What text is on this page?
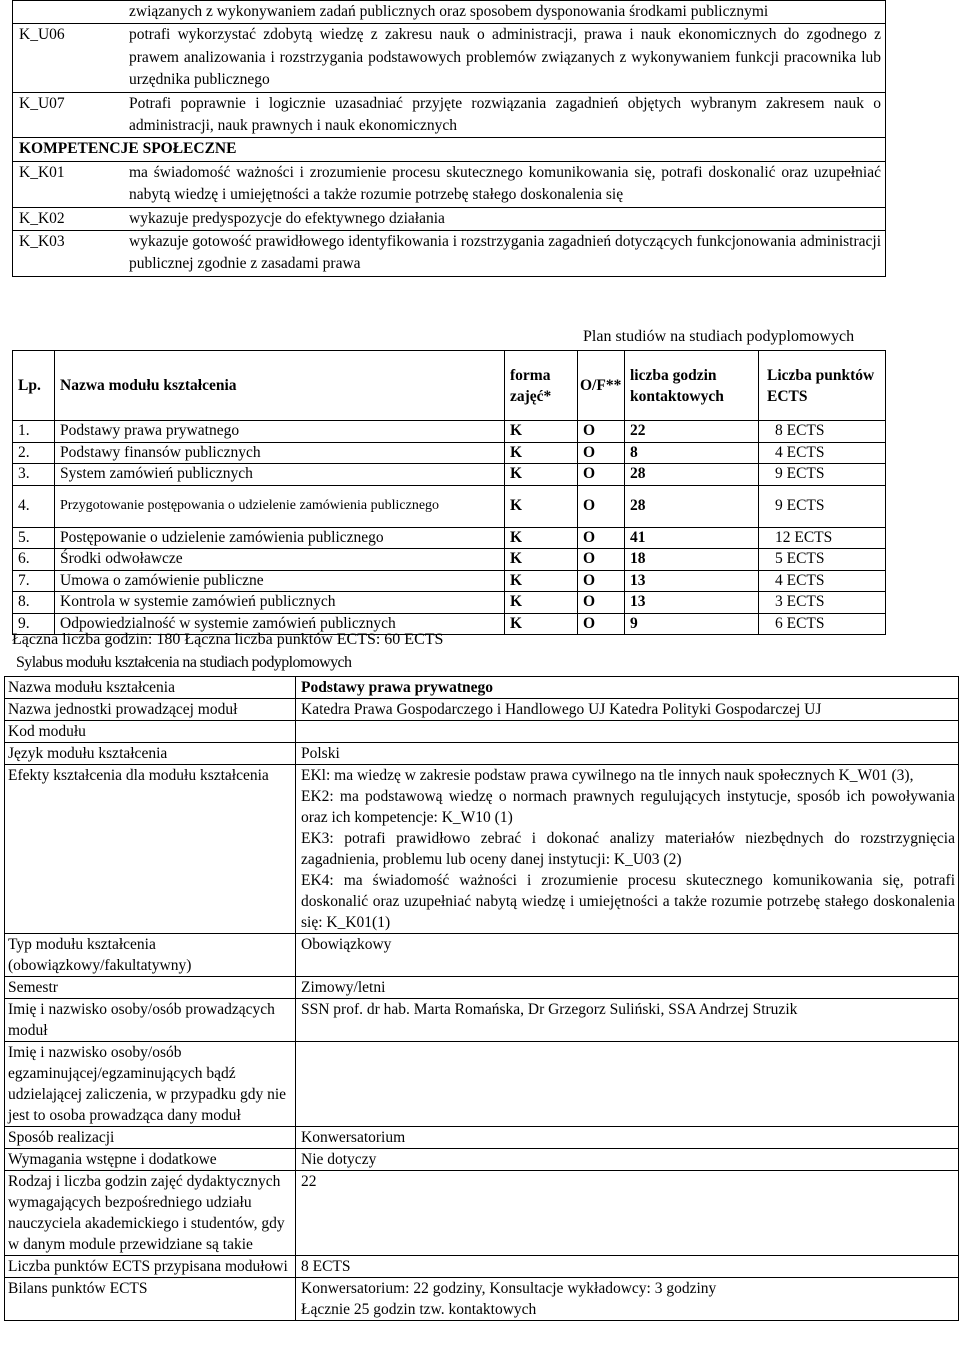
	związanych z wykonywaniem zadań publicznych oraz sposobem dysponowania środkami publicznymi
K_U06	potrafi wykorzystać zdobytą wiedzę z zakresu nauk o administracji, prawa i nauk ekonomicznych do zgodnego z prawem analizowania i rozstrzygania podstawowych problemów związanych z wykonywaniem funkcji pracownika lub urzędnika publicznego
K_U07	Potrafi poprawnie i logicznie uzasadniać przyjęte rozwiązania zagadnień objętych wybranym zakresem nauk o administracji, nauk prawnych i nauk ekonomicznych
KOMPETENCJE SPOŁECZNE	
K_K01	ma świadomość ważności i zrozumienie procesu skutecznego komunikowania się, potrafi doskonalić oraz uzupełniać nabytą wiedzę i umiejętności a także rozumie potrzebę stałego doskonalenia się
K_K02	wykazuje predyspozycje do efektywnego działania
K_K03	wykazuje gotowość prawidłowego identyfikowania i rozstrzygania zagadnień dotyczących funkcjonowania administracji publicznej zgodnie z zasadami prawa
Plan studiów na studiach podyplomowych
Lp.	Nazwa modułu kształcenia	forma zajęć*	O/F**	liczba godzin kontaktowych	Liczba punktów ECTS
1.	Podstawy prawa prywatnego	K	O	22	8 ECTS
2.	Podstawy finansów publicznych	K	O	8	4 ECTS
3.	System zamówień publicznych	K	O	28	9 ECTS
4.	Przygotowanie postępowania o udzielenie zamówienia publicznego	K	O	28	9 ECTS
5.	Postępowanie o udzielenie zamówienia publicznego	K	O	41	12 ECTS
6.	Środki odwoławcze	K	O	18	5 ECTS
7.	Umowa o zamówienie publiczne	K	O	13	4 ECTS
8.	Kontrola w systemie zamówień publicznych	K	O	13	3 ECTS
9.	Odpowiedzialność w systemie zamówień publicznych	K	O	9	6 ECTS
Łączna liczba godzin: 180 Łączna liczba punktów ECTS: 60 ECTS
Sylabus modułu kształcenia na studiach podyplomowych
Nazwa modułu kształcenia	Podstawy prawa prywatnego
Nazwa jednostki prowadzącej moduł	Katedra Prawa Gospodarczego i Handlowego UJ Katedra Polityki Gospodarczej UJ
Kod modułu	
Język modułu kształcenia	Polski
Efekty kształcenia dla modułu kształcenia	EKl: ma wiedzę w zakresie podstaw prawa cywilnego na tle innych nauk społecznych K_W01 (3),
	EK2: ma podstawową wiedzę o normach prawnych regulujących instytucje, sposób ich powoływania oraz ich kompetencje: K_W10 (1)
	EK3: potrafi prawidłowo zebrać i dokonać analizy materiałów niezbędnych do rozstrzygnięcia zagadnienia, problemu lub oceny danej instytucji: K_U03 (2)
	EK4: ma świadomość ważności i zrozumienie procesu skutecznego komunikowania się, potrafi doskonalić oraz uzupełniać nabytą wiedzę i umiejętności a także rozumie potrzebę stałego doskonalenia się: K_K01(1)
Typ modułu kształcenia (obowiązkowy/fakultatywny)	Obowiązkowy
Semestr	Zimowy/letni
Imię i nazwisko osoby/osób prowadzących moduł	SSN prof. dr hab. Marta Romańska, Dr Grzegorz Suliński, SSA Andrzej Struzik
Imię i nazwisko osoby/osób egzaminującej/egzaminujących bądź udzielającej zaliczenia, w przypadku gdy nie jest to osoba prowadząca dany moduł	
Sposób realizacji	Konwersatorium
Wymagania wstępne i dodatkowe	Nie dotyczy
Rodzaj i liczba godzin zajęć dydaktycznych wymagających bezpośredniego udziału nauczyciela akademickiego i studentów, gdy w danym module przewidziane są takie	22
Liczba punktów ECTS przypisana modułowi	8 ECTS
Bilans punktów ECTS	Konwersatorium: 22 godziny, Konsultacje wykładowcy: 3 godziny
	Łącznie 25 godzin tzw. kontaktowych
